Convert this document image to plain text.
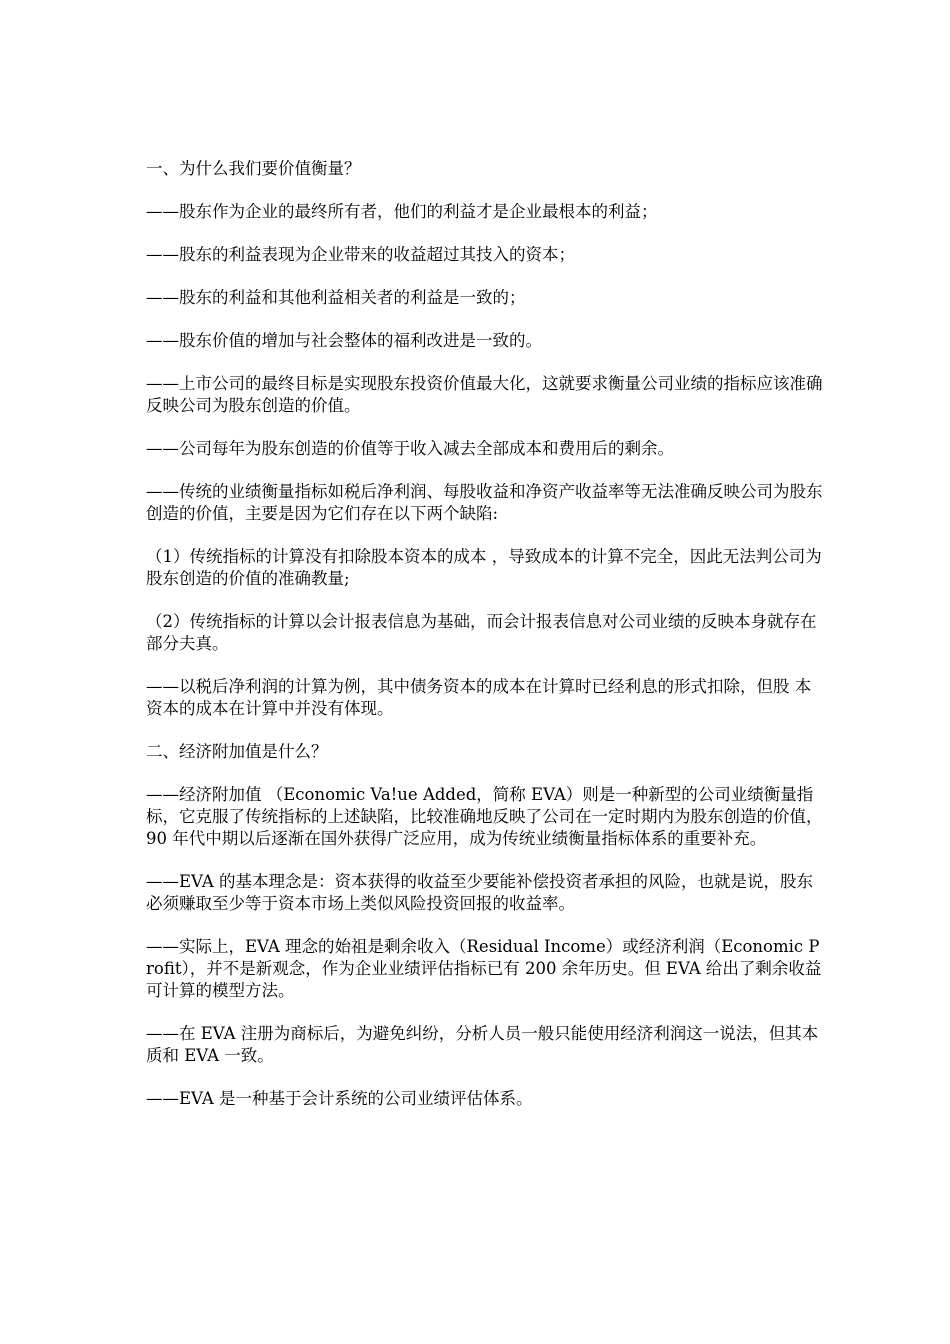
一、为什么我们要价值衡量？

——股东作为企业的最终所有者，他们的利益才是企业最根本的利益；

——股东的利益表现为企业带来的收益超过其技入的资本；

——股东的利益和其他利益相关者的利益是一致的；

——股东价值的增加与社会整体的福利改进是一致的。

——上市公司的最终目标是实现股东投资价值最大化，这就要求衡量公司业绩的指标应该准确反映公司为股东创造的价值。

——公司每年为股东创造的价值等于收入减去全部成本和费用后的剩余。

——传统的业绩衡量指标如税后净利润、每股收益和净资产收益率等无法准确反映公司为股东创造的价值，主要是因为它们存在以下两个缺陷:

（1）传统指标的计算没有扣除股本资本的成本 ，导致成本的计算不完全，因此无法判公司为股东创造的价值的准确教量;

（2）传统指标的计算以会计报表信息为基础，而会计报表信息对公司业绩的反映本身就存在部分夫真。

——以税后净利润的计算为例，其中债务资本的成本在计算时已经利息的形式扣除，但股 本资本的成本在计算中并没有体现。

二、经济附加值是什么？

——经济附加值 （Economic Va!ue Added，简称 EVA）则是一种新型的公司业绩衡量指标，它克服了传统指标的上述缺陷，比较准确地反映了公司在一定时期内为股东创造的价值，90 年代中期以后逐渐在国外获得广泛应用，成为传统业绩衡量指标体系的重要补充。

——EVA 的基本理念是：资本获得的收益至少要能补偿投资者承担的风险，也就是说，股东必须赚取至少等于资本市场上类似风险投资回报的收益率。

——实际上，EVA 理念的始祖是剩余收入（Residual Income）或经济利润（Economic Profit），并不是新观念，作为企业业绩评估指标已有 200 余年历史。但 EVA 给出了剩余收益可计算的模型方法。

——在 EVA 注册为商标后，为避免纠纷，分析人员一般只能使用经济利润这一说法，但其本质和 EVA 一致。

——EVA 是一种基于会计系统的公司业绩评估体系。
